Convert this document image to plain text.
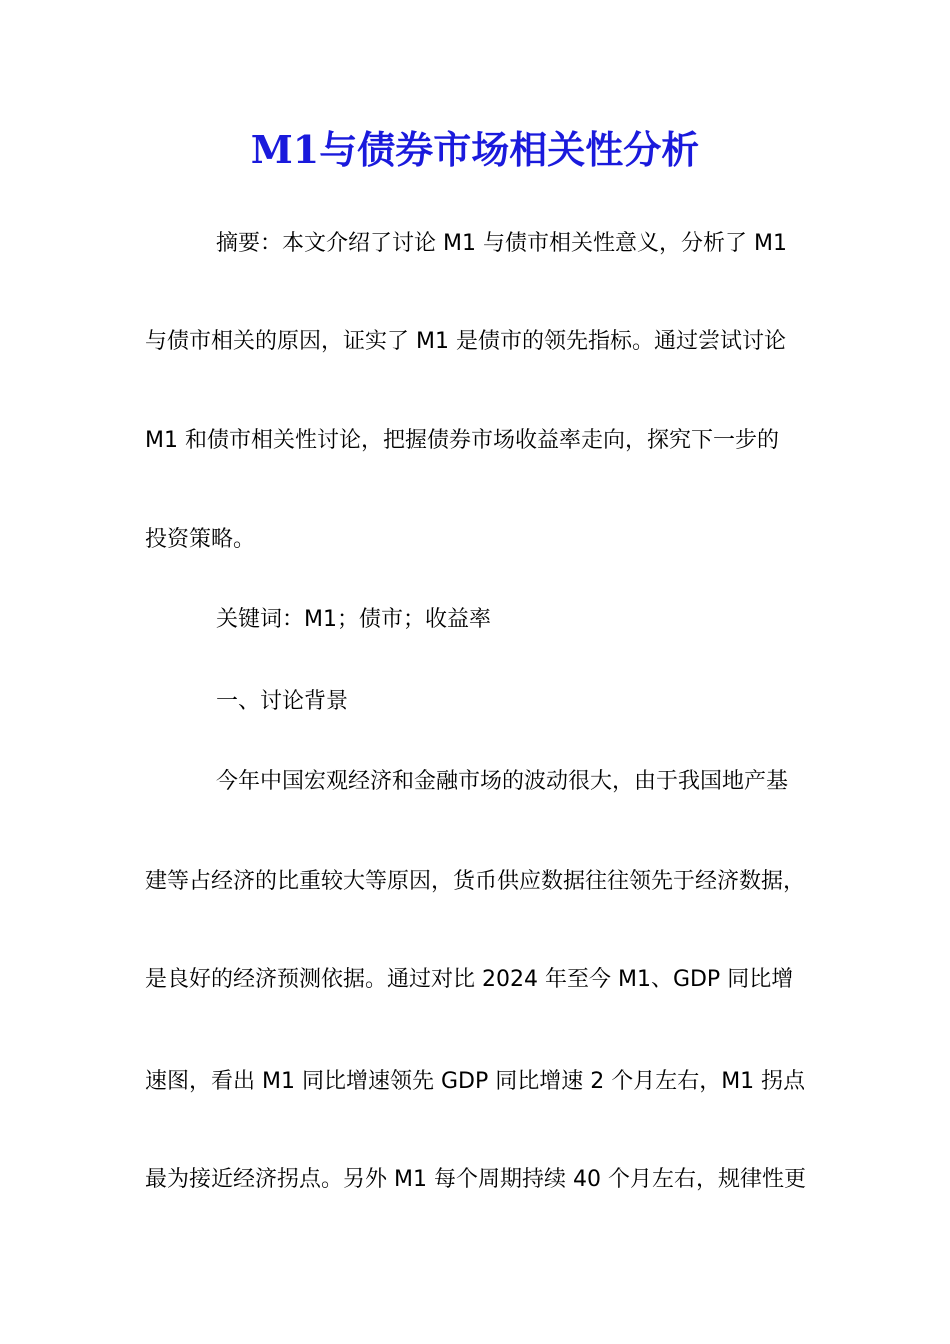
M1与债券市场相关性分析
摘要：本文介绍了讨论 M1 与债市相关性意义，分析了 M1
与债市相关的原因，证实了 M1 是债市的领先指标。通过尝试讨论
M1 和债市相关性讨论，把握债券市场收益率走向，探究下一步的
投资策略。
关键词：M1；债市；收益率
一、讨论背景
今年中国宏观经济和金融市场的波动很大，由于我国地产基
建等占经济的比重较大等原因，货币供应数据往往领先于经济数据，
是良好的经济预测依据。通过对比 2024 年至今 M1、GDP 同比增
速图，看出 M1 同比增速领先 GDP 同比增速 2 个月左右，M1 拐点
最为接近经济拐点。另外 M1 每个周期持续 40 个月左右，规律性更
